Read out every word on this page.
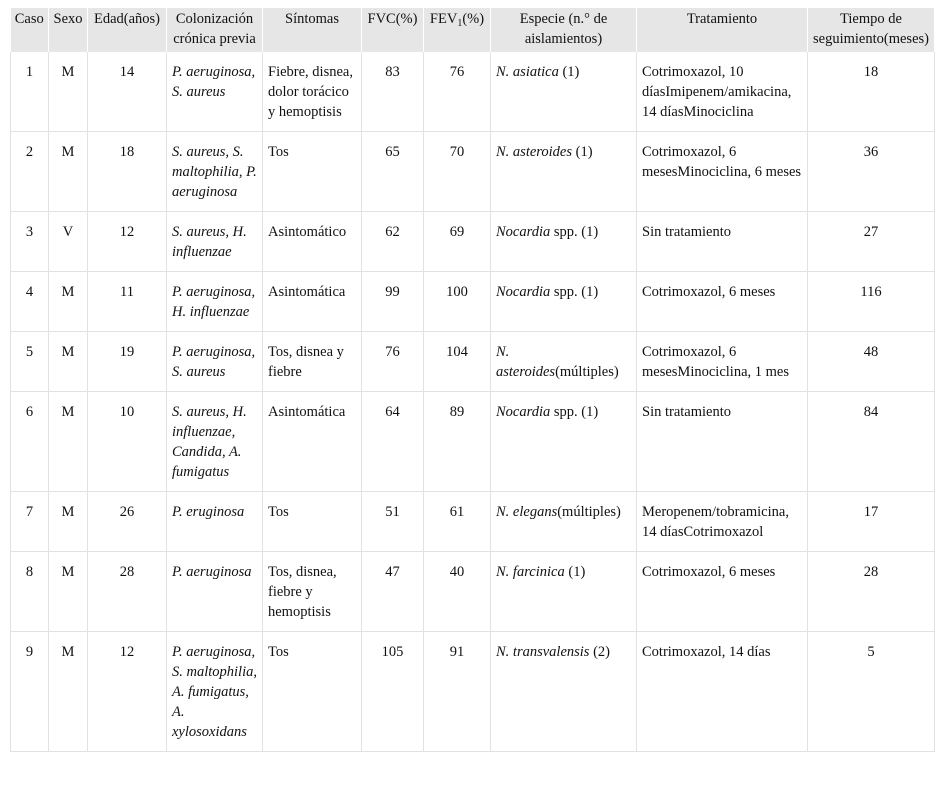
Caso	Sexo	Edad(años)	Colonización crónica previa	Síntomas	FVC(%)	$FEV_1(\%)$	Especie (n.° de aislamientos)	Tratamiento	Tiempo de seguimiento(meses)
1	M	14	P. aeruginosa, S. aureus	Fiebre, disnea, dolor torácico y hemoptisis	83	76	N. asiatica (1)	Cotrimoxazol, 10 díasImipenem/amikacina, 14 díasMinociclina	18
2	M	18	S. aureus, S. maltophilia, P. aeruginosa	Tos	65	70	N. asteroides (1)	Cotrimoxazol, 6 mesesMinociclina, 6 meses	36
3	V	12	S. aureus, H. influenzae	Asintomático	62	69	Nocardia spp. (1)	Sin tratamiento	27
4	M	11	P. aeruginosa, H. influenzae	Asintomática	99	100	Nocardia spp. (1)	Cotrimoxazol, 6 meses	116
5	M	19	P. aeruginosa, S. aureus	Tos, disnea y fiebre	76	104	N. asteroides(múltiples)	Cotrimoxazol, 6 mesesMinociclina, 1 mes	48
6	M	10	S. aureus, H. influenzae, Candida, A. fumigatus	Asintomática	64	89	Nocardia spp. (1)	Sin tratamiento	84
7	M	26	P. eruginosa	Tos	51	61	N. elegans(múltiples)	Meropenem/tobramicina, 14 díasCotrimoxazol	17
8	M	28	P. aeruginosa	Tos, disnea, fiebre y hemoptisis	47	40	N. farcinica (1)	Cotrimoxazol, 6 meses	28
9	M	12	P. aeruginosa, S. maltophilia, A. fumigatus, A. xylosoxidans	Tos	105	91	N. transvalensis (2)	Cotrimoxazol, 14 días	5
